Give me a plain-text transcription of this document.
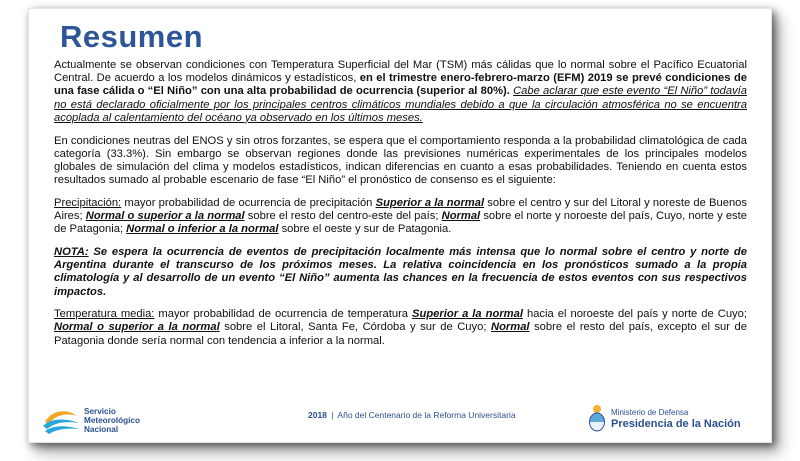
Resumen

Actualmente se observan condiciones con Temperatura Superficial del Mar (TSM) más cálidas que lo normal sobre el Pacífico Ecuatorial Central. De acuerdo a los modelos dinámicos y estadísticos, en el trimestre enero-febrero-marzo (EFM) 2019 se prevé condiciones de una fase cálida o “El Niño” con una alta probabilidad de ocurrencia (superior al 80%). Cabe aclarar que este evento “El Niño” todavía no está declarado oficialmente por los principales centros climáticos mundiales debido a que la circulación atmosférica no se encuentra acoplada al calentamiento del océano ya observado en los últimos meses.

En condiciones neutras del ENOS y sin otros forzantes, se espera que el comportamiento responda a la probabilidad climatológica de cada categoría (33.3%). Sin embargo se observan regiones donde las previsiones numéricas experimentales de los principales modelos globales de simulación del clima y modelos estadísticos, indican diferencias en cuanto a esas probabilidades. Teniendo en cuenta estos resultados sumado al probable escenario de fase “El Niño” el pronóstico de consenso es el siguiente:

Precipitación: mayor probabilidad de ocurrencia de precipitación Superior a la normal sobre el centro y sur del Litoral y noreste de Buenos Aires; Normal o superior a la normal sobre el resto del centro-este del país; Normal sobre el norte y noroeste del país, Cuyo, norte y este de Patagonia; Normal o inferior a la normal sobre el oeste y sur de Patagonia.

NOTA: Se espera la ocurrencia de eventos de precipitación localmente más intensa que lo normal sobre el centro y norte de Argentina durante el transcurso de los próximos meses. La relativa coincidencia en los pronósticos sumado a la propia climatología y al desarrollo de un evento “El Niño” aumenta las chances en la frecuencia de estos eventos con sus respectivos impactos.

Temperatura media: mayor probabilidad de ocurrencia de temperatura Superior a la normal hacia el noroeste del país y norte de Cuyo; Normal o superior a la normal sobre el Litoral, Santa Fe, Córdoba y sur de Cuyo; Normal sobre el resto del país, excepto el sur de Patagonia donde sería normal con tendencia a inferior a la normal.

Servicio
Meteorológico
Nacional
2018 | Año del Centenario de la Reforma Universitaria	Ministerio de Defensa
Presidencia de la Nación
